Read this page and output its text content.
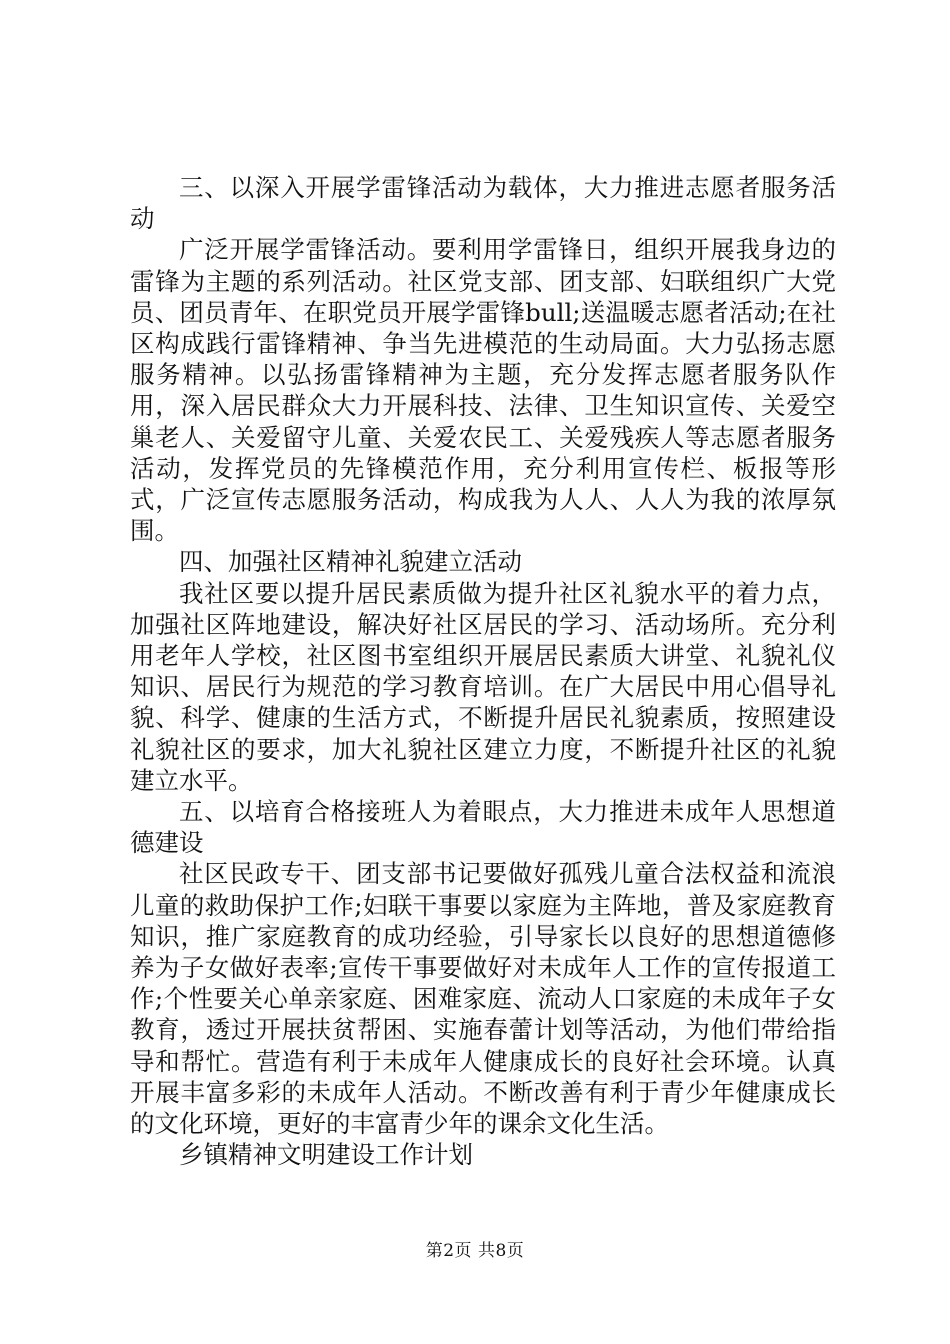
三、以深入开展学雷锋活动为载体，大力推进志愿者服务活动

广泛开展学雷锋活动。要利用学雷锋日，组织开展我身边的雷锋为主题的系列活动。社区党支部、团支部、妇联组织广大党员、团员青年、在职党员开展学雷锋bull;送温暖志愿者活动;在社区构成践行雷锋精神、争当先进模范的生动局面。大力弘扬志愿服务精神。以弘扬雷锋精神为主题，充分发挥志愿者服务队作用，深入居民群众大力开展科技、法律、卫生知识宣传、关爱空巢老人、关爱留守儿童、关爱农民工、关爱残疾人等志愿者服务活动，发挥党员的先锋模范作用，充分利用宣传栏、板报等形式，广泛宣传志愿服务活动，构成我为人人、人人为我的浓厚氛围。

四、加强社区精神礼貌建立活动

我社区要以提升居民素质做为提升社区礼貌水平的着力点，加强社区阵地建设，解决好社区居民的学习、活动场所。充分利用老年人学校，社区图书室组织开展居民素质大讲堂、礼貌礼仪知识、居民行为规范的学习教育培训。在广大居民中用心倡导礼貌、科学、健康的生活方式，不断提升居民礼貌素质，按照建设礼貌社区的要求，加大礼貌社区建立力度，不断提升社区的礼貌建立水平。

五、以培育合格接班人为着眼点，大力推进未成年人思想道德建设

社区民政专干、团支部书记要做好孤残儿童合法权益和流浪儿童的救助保护工作;妇联干事要以家庭为主阵地，普及家庭教育知识，推广家庭教育的成功经验，引导家长以良好的思想道德修养为子女做好表率;宣传干事要做好对未成年人工作的宣传报道工作;个性要关心单亲家庭、困难家庭、流动人口家庭的未成年子女教育，透过开展扶贫帮困、实施春蕾计划等活动，为他们带给指导和帮忙。营造有利于未成年人健康成长的良好社会环境。认真开展丰富多彩的未成年人活动。不断改善有利于青少年健康成长的文化环境，更好的丰富青少年的课余文化生活。

乡镇精神文明建设工作计划

第2页 共8页
